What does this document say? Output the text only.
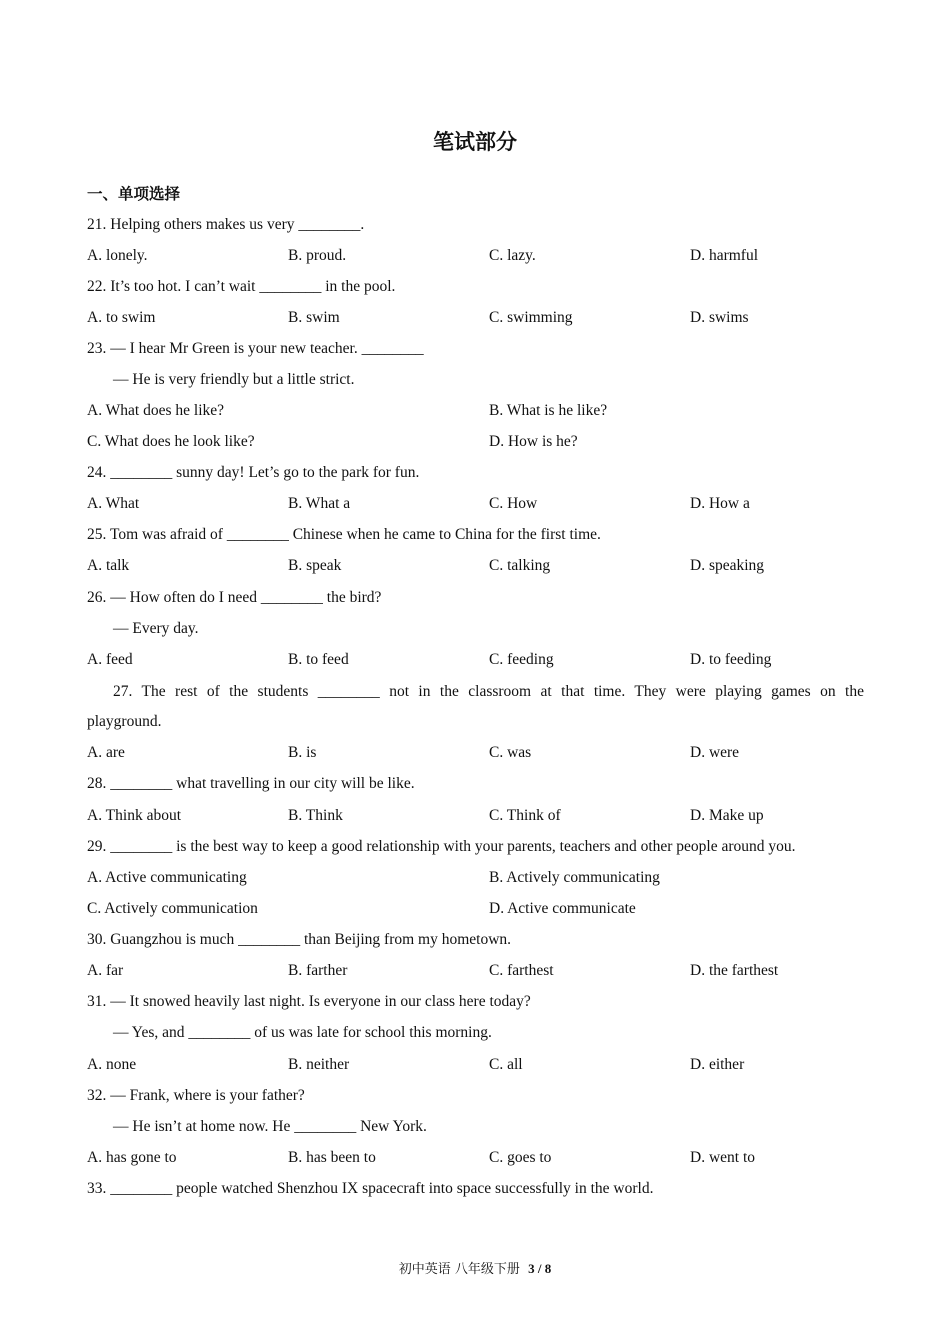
笔试部分
一、单项选择
21. Helping others makes us very ________.
A. lonely.	B. proud.	C. lazy.	D. harmful
22. It’s too hot. I can’t wait ________ in the pool.
A. to swim	B. swim	C. swimming	D. swims
23. — I hear Mr Green is your new teacher. ________
— He is very friendly but a little strict.
A. What does he like?	B. What is he like?
C. What does he look like?	D. How is he?
24. ________ sunny day! Let’s go to the park for fun.
A. What	B. What a	C. How	D. How a
25. Tom was afraid of ________ Chinese when he came to China for the first time.
A. talk	B. speak	C. talking	D. speaking
26. — How often do I need ________ the bird?
— Every day.
A. feed	B. to feed	C. feeding	D. to feeding
27. The rest of the students ________ not in the classroom at that time. They were playing games on the
playground.
A. are	B. is	C. was	D. were
28. ________ what travelling in our city will be like.
A. Think about	B. Think	C. Think of	D. Make up
29. ________ is the best way to keep a good relationship with your parents, teachers and other people around you.
A. Active communicating	B. Actively communicating
C. Actively communication	D. Active communicate
30. Guangzhou is much ________ than Beijing from my hometown.
A. far	B. farther	C. farthest	D. the farthest
31. — It snowed heavily last night. Is everyone in our class here today?
— Yes, and ________ of us was late for school this morning.
A. none	B. neither	C. all	D. either
32. — Frank, where is your father?
— He isn’t at home now. He ________ New York.
A. has gone to	B. has been to	C. goes to	D. went to
33. ________ people watched Shenzhou IX spacecraft into space successfully in the world.
初中英语 八年级下册 3 / 8
